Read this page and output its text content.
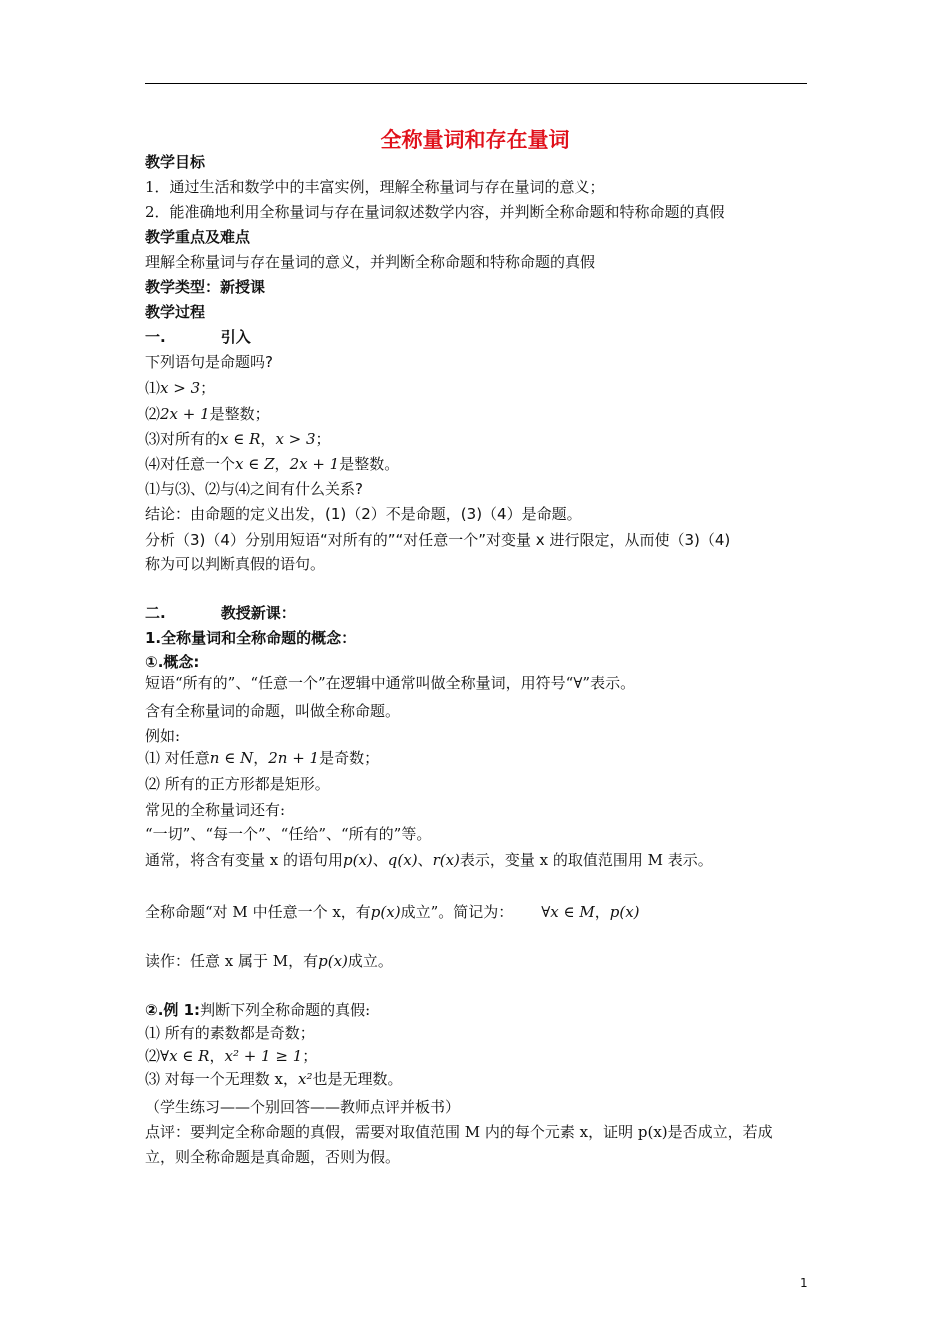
全称量词和存在量词
教学目标
1．通过生活和数学中的丰富实例，理解全称量词与存在量词的意义；
2．能准确地利用全称量词与存在量词叙述数学内容，并判断全称命题和特称命题的真假
教学重点及难点
理解全称量词与存在量词的意义，并判断全称命题和特称命题的真假
教学类型：新授课
教学过程
一.	引入
下列语句是命题吗?
⑴x > 3；
⑵2x + 1是整数；
⑶对所有的x ∈ R，x > 3；
⑷对任意一个x ∈ Z，2x + 1是整数。
⑴与⑶、⑵与⑷之间有什么关系?
结论：由命题的定义出发，(1)（2）不是命题，(3)（4）是命题。
分析（3)（4）分别用短语“对所有的”“对任意一个”对变量 x 进行限定，从而使（3)（4)
称为可以判断真假的语句。
二.	教授新课：
1.全称量词和全称命题的概念：
①.概念:
短语“所有的”、“任意一个”在逻辑中通常叫做全称量词，用符号“∀”表示。
含有全称量词的命题，叫做全称命题。
例如:
⑴ 对任意n ∈ N，2n + 1是奇数；
⑵ 所有的正方形都是矩形。
常见的全称量词还有:
“一切”、“每一个”、“任给”、“所有的”等。
通常，将含有变量 x 的语句用p(x)、q(x)、r(x)表示，变量 x 的取值范围用 M 表示。
全称命题“对 M 中任意一个 x，有p(x)成立”。简记为： ∀x ∈ M，p(x)
读作：任意 x 属于 M，有p(x)成立。
②.例 1:判断下列全称命题的真假:
⑴ 所有的素数都是奇数；
⑵∀x ∈ R，x² + 1 ≥ 1；
⑶ 对每一个无理数 x，x²也是无理数。
（学生练习——个别回答——教师点评并板书）
点评：要判定全称命题的真假，需要对取值范围 M 内的每个元素 x，证明 p(x)是否成立，若成
立，则全称命题是真命题，否则为假。
1
